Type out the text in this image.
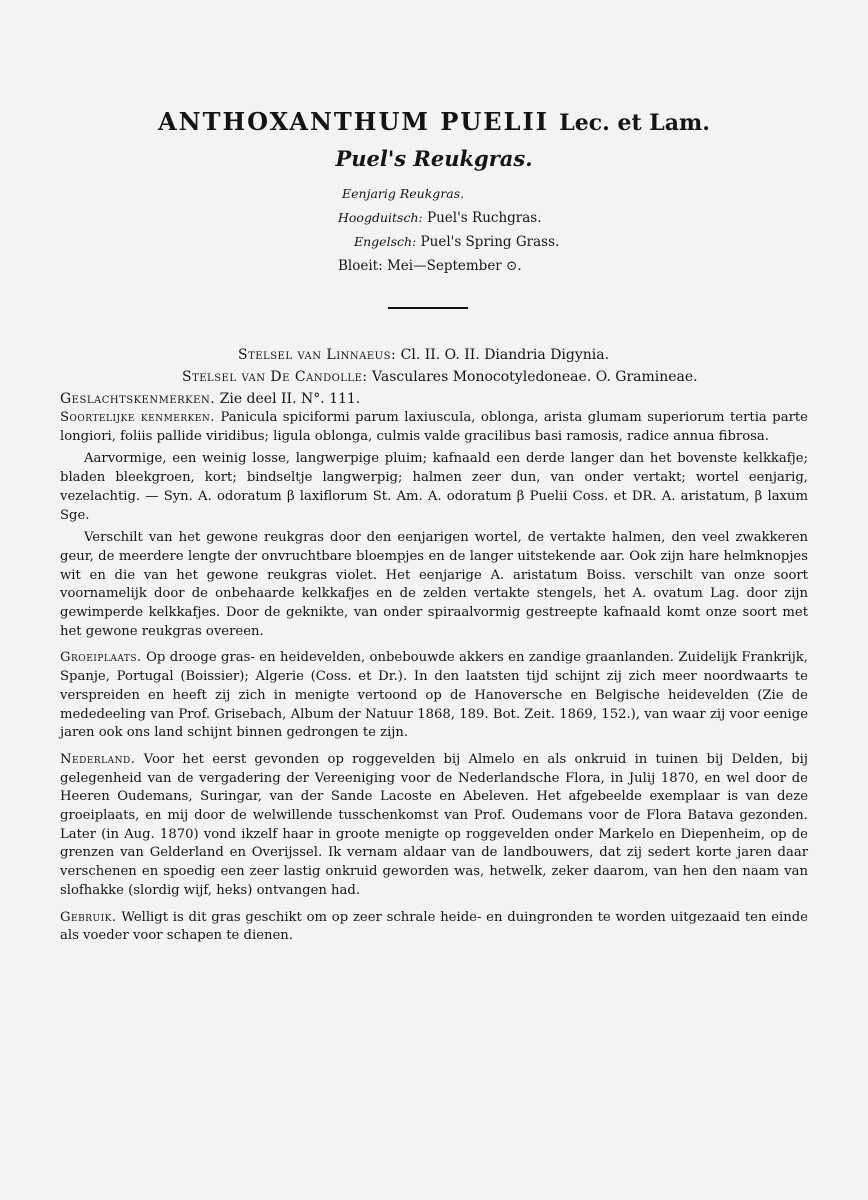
ANTHOXANTHUM PUELII Lec. et Lam.
Puel's Reukgras.
Eenjarig Reukgras.
Hoogduitsch: Puel's Ruchgras.
Engelsch: Puel's Spring Grass.
Bloeit: Mei—September ⊙.
Stelsel van Linnaeus: Cl. II. O. II. Diandria Digynia.
Stelsel van De Candolle: Vasculares Monocotyledoneae. O. Gramineae.
Geslachtskenmerken. Zie deel II. N°. 111.

Soortelijke kenmerken. Panicula spiciformi parum laxiuscula, oblonga, arista glumam superiorum tertia parte longiori, foliis pallide viridibus; ligula oblonga, culmis valde gracilibus basi ramosis, radice annua fibrosa.

Aarvormige, een weinig losse, langwerpige pluim; kafnaald een derde langer dan het bovenste kelkkafje; bladen bleekgroen, kort; bindseltje langwerpig; halmen zeer dun, van onder vertakt; wortel eenjarig, vezelachtig. — Syn. A. odoratum β laxiflorum St. Am. A. odoratum β Puelii Coss. et DR. A. aristatum, β laxum Sge.

Verschilt van het gewone reukgras door den eenjarigen wortel, de vertakte halmen, den veel zwakkeren geur, de meerdere lengte der onvruchtbare bloempjes en de langer uitstekende aar. Ook zijn hare helmknopjes wit en die van het gewone reukgras violet. Het eenjarige A. aristatum Boiss. verschilt van onze soort voornamelijk door de onbehaarde kelkkafjes en de zelden vertakte stengels, het A. ovatum Lag. door zijn gewimperde kelkkafjes. Door de geknikte, van onder spiraalvormig gestreepte kafnaald komt onze soort met het gewone reukgras overeen.

Groeiplaats. Op drooge gras- en heidevelden, onbebouwde akkers en zandige graanlanden. Zuidelijk Frankrijk, Spanje, Portugal (Boissier); Algerie (Coss. et Dr.). In den laatsten tijd schijnt zij zich meer noordwaarts te verspreiden en heeft zij zich in menigte vertoond op de Hanoversche en Belgische heidevelden (Zie de mededeeling van Prof. Grisebach, Album der Natuur 1868, 189. Bot. Zeit. 1869, 152.), van waar zij voor eenige jaren ook ons land schijnt binnen gedrongen te zijn.

Nederland. Voor het eerst gevonden op roggevelden bij Almelo en als onkruid in tuinen bij Delden, bij gelegenheid van de vergadering der Vereeniging voor de Nederlandsche Flora, in Julij 1870, en wel door de Heeren Oudemans, Suringar, van der Sande Lacoste en Abeleven. Het afgebeelde exemplaar is van deze groeiplaats, en mij door de welwillende tusschenkomst van Prof. Oudemans voor de Flora Batava gezonden. Later (in Aug. 1870) vond ikzelf haar in groote menigte op roggevelden onder Markelo en Diepenheim, op de grenzen van Gelderland en Overijssel. Ik vernam aldaar van de landbouwers, dat zij sedert korte jaren daar verschenen en spoedig een zeer lastig onkruid geworden was, hetwelk, zeker daarom, van hen den naam van slofhakke (slordig wijf, heks) ontvangen had.

Gebruik. Welligt is dit gras geschikt om op zeer schrale heide- en duingronden te worden uitgezaaid ten einde als voeder voor schapen te dienen.
